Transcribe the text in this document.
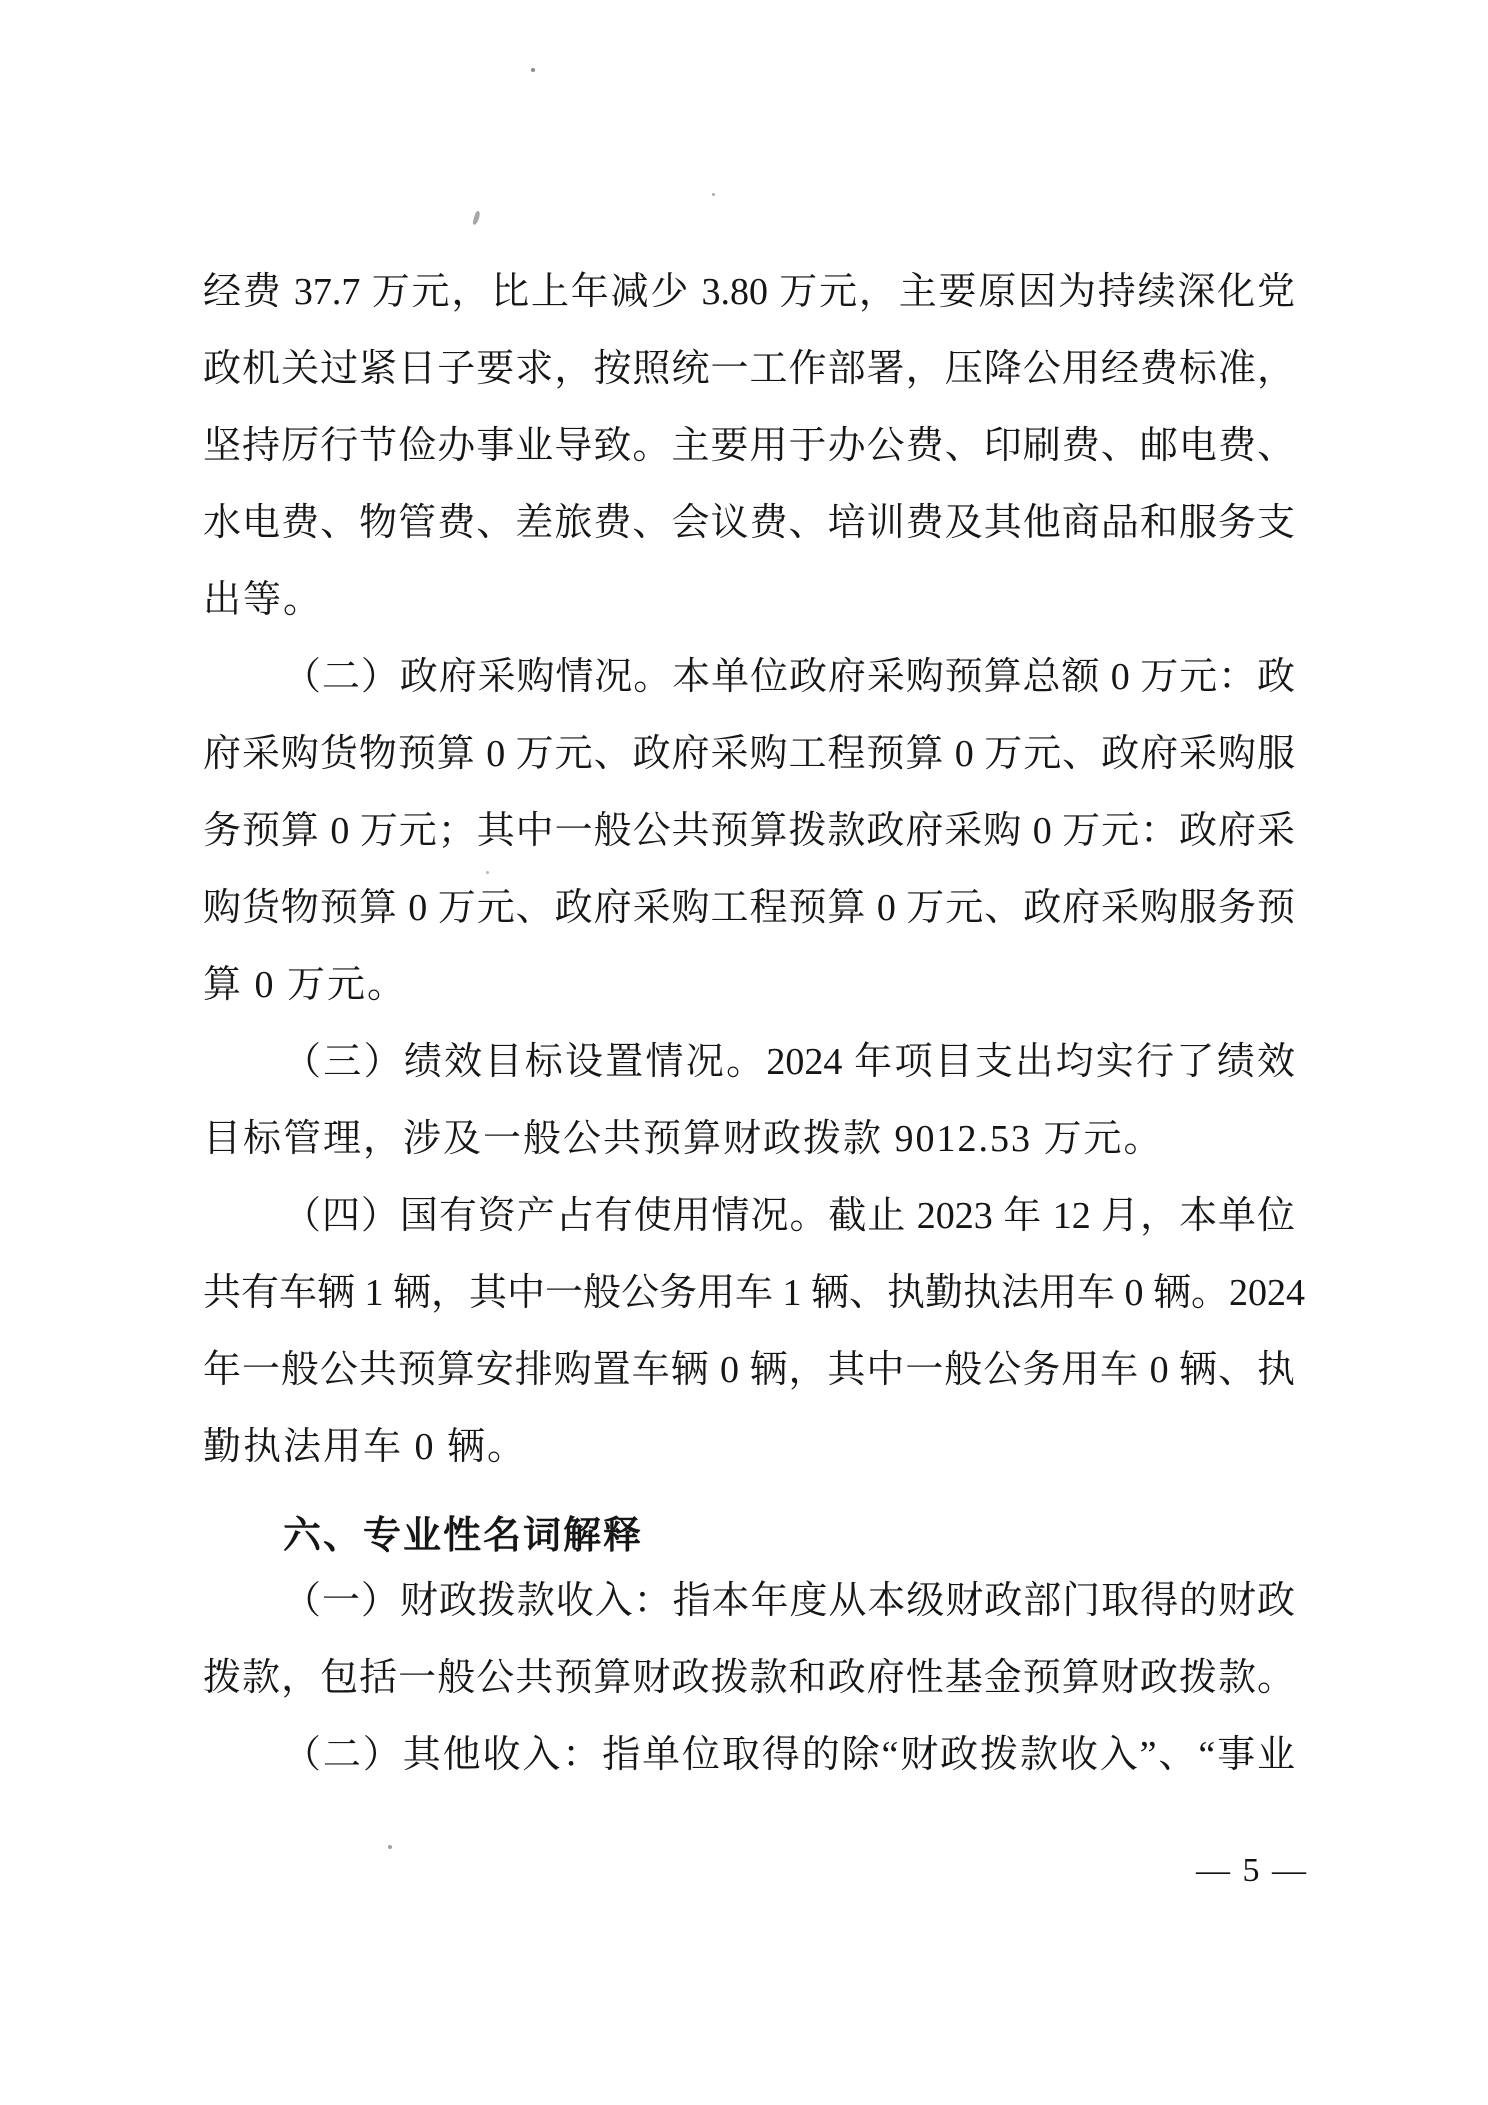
经费 37.7 万元，比上年减少 3.80 万元，主要原因为持续深化党
政机关过紧日子要求，按照统一工作部署，压降公用经费标准，
坚持厉行节俭办事业导致。主要用于办公费、印刷费、邮电费、
水电费、物管费、差旅费、会议费、培训费及其他商品和服务支
出等。
（二）政府采购情况。本单位政府采购预算总额 0 万元：政
府采购货物预算 0 万元、政府采购工程预算 0 万元、政府采购服
务预算 0 万元；其中一般公共预算拨款政府采购 0 万元：政府采
购货物预算 0 万元、政府采购工程预算 0 万元、政府采购服务预
算 0 万元。
（三）绩效目标设置情况。2024 年项目支出均实行了绩效
目标管理，涉及一般公共预算财政拨款 9012.53 万元。
（四）国有资产占有使用情况。截止 2023 年 12 月，本单位
共有车辆 1 辆，其中一般公务用车 1 辆、执勤执法用车 0 辆。2024
年一般公共预算安排购置车辆 0 辆，其中一般公务用车 0 辆、执
勤执法用车 0 辆。
六、专业性名词解释
（一）财政拨款收入：指本年度从本级财政部门取得的财政
拨款，包括一般公共预算财政拨款和政府性基金预算财政拨款。
（二）其他收入：指单位取得的除“财政拨款收入”、“事业
— 5 —
